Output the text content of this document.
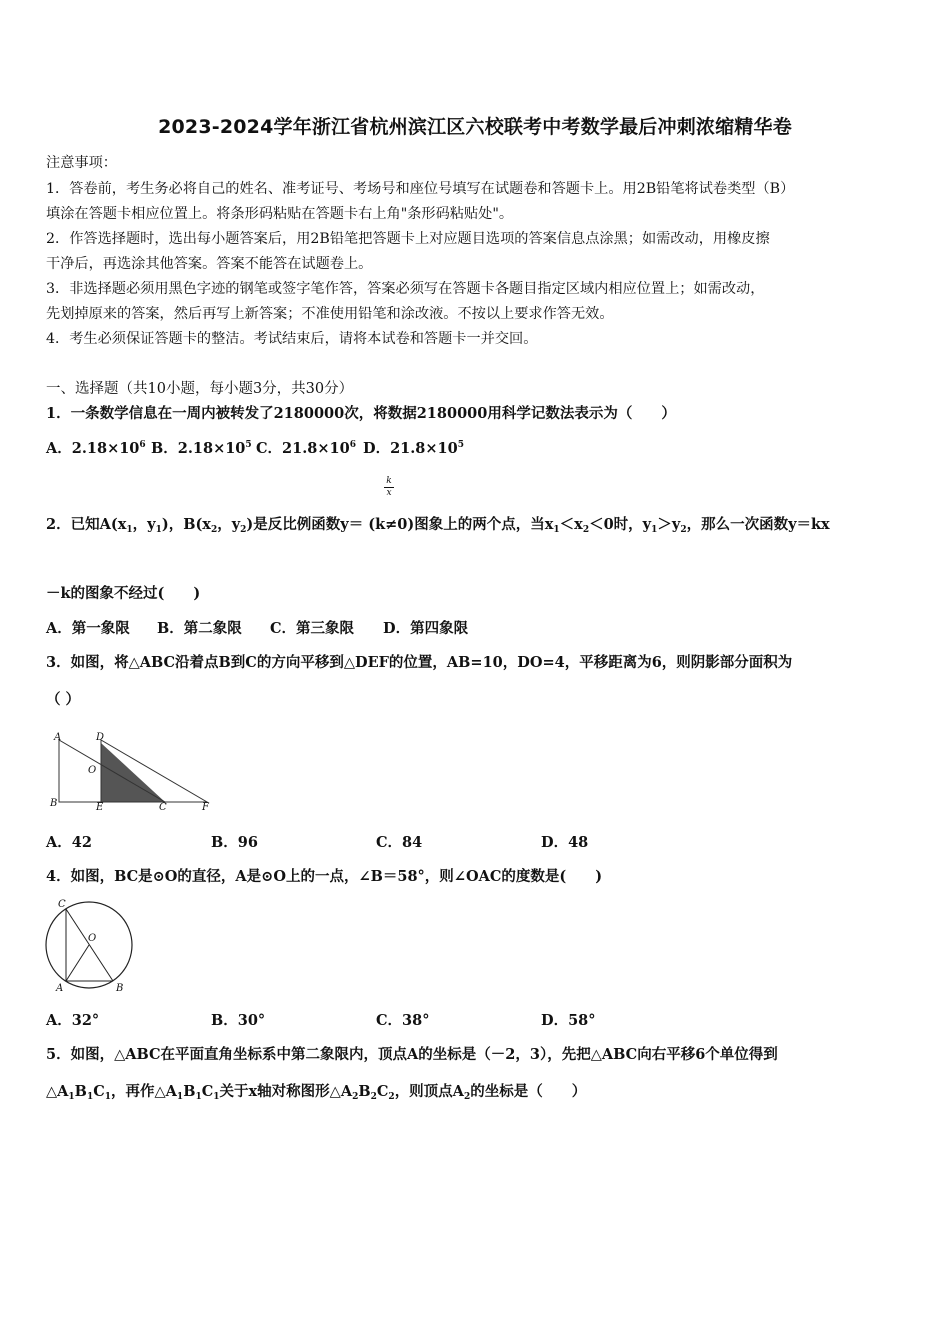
2023-2024学年浙江省杭州滨江区六校联考中考数学最后冲刺浓缩精华卷
注意事项：
1．答卷前，考生务必将自己的姓名、准考证号、考场号和座位号填写在试题卷和答题卡上。用2B铅笔将试卷类型（B）
填涂在答题卡相应位置上。将条形码粘贴在答题卡右上角"条形码粘贴处"。
2．作答选择题时，选出每小题答案后，用2B铅笔把答题卡上对应题目选项的答案信息点涂黑；如需改动，用橡皮擦
干净后，再选涂其他答案。答案不能答在试题卷上。
3．非选择题必须用黑色字迹的钢笔或签字笔作答，答案必须写在答题卡各题目指定区域内相应位置上；如需改动，
先划掉原来的答案，然后再写上新答案；不准使用铅笔和涂改液。不按以上要求作答无效。
4．考生必须保证答题卡的整洁。考试结束后，请将本试卷和答题卡一并交回。
一、选择题（共10小题，每小题3分，共30分）
1．一条数学信息在一周内被转发了2180000次，将数据2180000用科学记数法表示为（　　）
A．$2.18\times 10^6$ B．$2.18\times 10^5$ C．$21.8\times 10^6$ D．$21.8\times 10^5$
k
x
2．已知$A(x_1$，$y_1$)，$B(x_2$，$y_2$)是反比例函数y＝ (k≠0)图象上的两个点，当$x_1<x_2<0$时，$y_1>y_2$，那么一次函数y＝kx
－k的图象不经过(　　)
A．第一象限 B．第二象限 C．第三象限 D．第四象限
3．如图，将△ABC沿着点B到C的方向平移到△DEF的位置，AB=10，DO=4，平移距离为6，则阴影部分面积为
（ ）
A	D
O
B	E	C	F
A．42	B．96	C．84	D．48
4．如图，BC是⊙O的直径，A是⊙O上的一点，∠B＝58°，则∠OAC的度数是(　　)
C
O
A	B
A．32°	B．30°	C．38°	D．58°
5．如图，△ABC在平面直角坐标系中第二象限内，顶点A的坐标是（－2，3），先把△ABC向右平移6个单位得到
$\triangle A_1B_1C_1$，再作$\triangle A_1B_1C_1$关于x轴对称图形$\triangle A_2B_2C_2$，则顶点$A_2$的坐标是（　　）
